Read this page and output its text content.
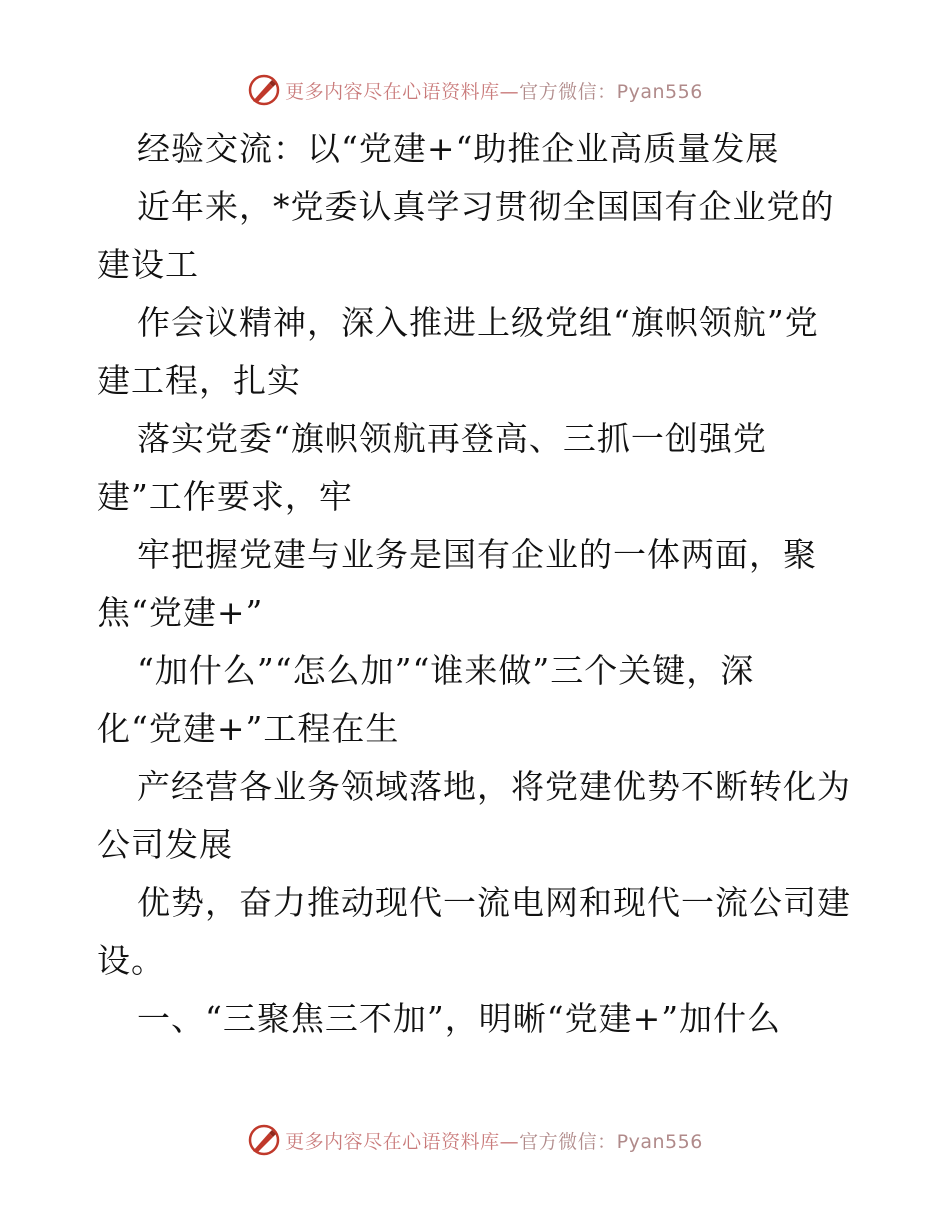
更多内容尽在心语资料库—官方微信：Pyan556
经验交流：以“党建+“助推企业高质量发展
近年来，*党委认真学习贯彻全国国有企业党的
建设工
作会议精神，深入推进上级党组“旗帜领航”党
建工程，扎实
落实党委“旗帜领航再登高、三抓一创强党
建”工作要求，牢
牢把握党建与业务是国有企业的一体两面，聚
焦“党建+”
“加什么”“怎么加”“谁来做”三个关键，深
化“党建+”工程在生
产经营各业务领域落地，将党建优势不断转化为
公司发展
优势，奋力推动现代一流电网和现代一流公司建
设。
一、“三聚焦三不加”，明晰“党建+”加什么
更多内容尽在心语资料库—官方微信：Pyan556
